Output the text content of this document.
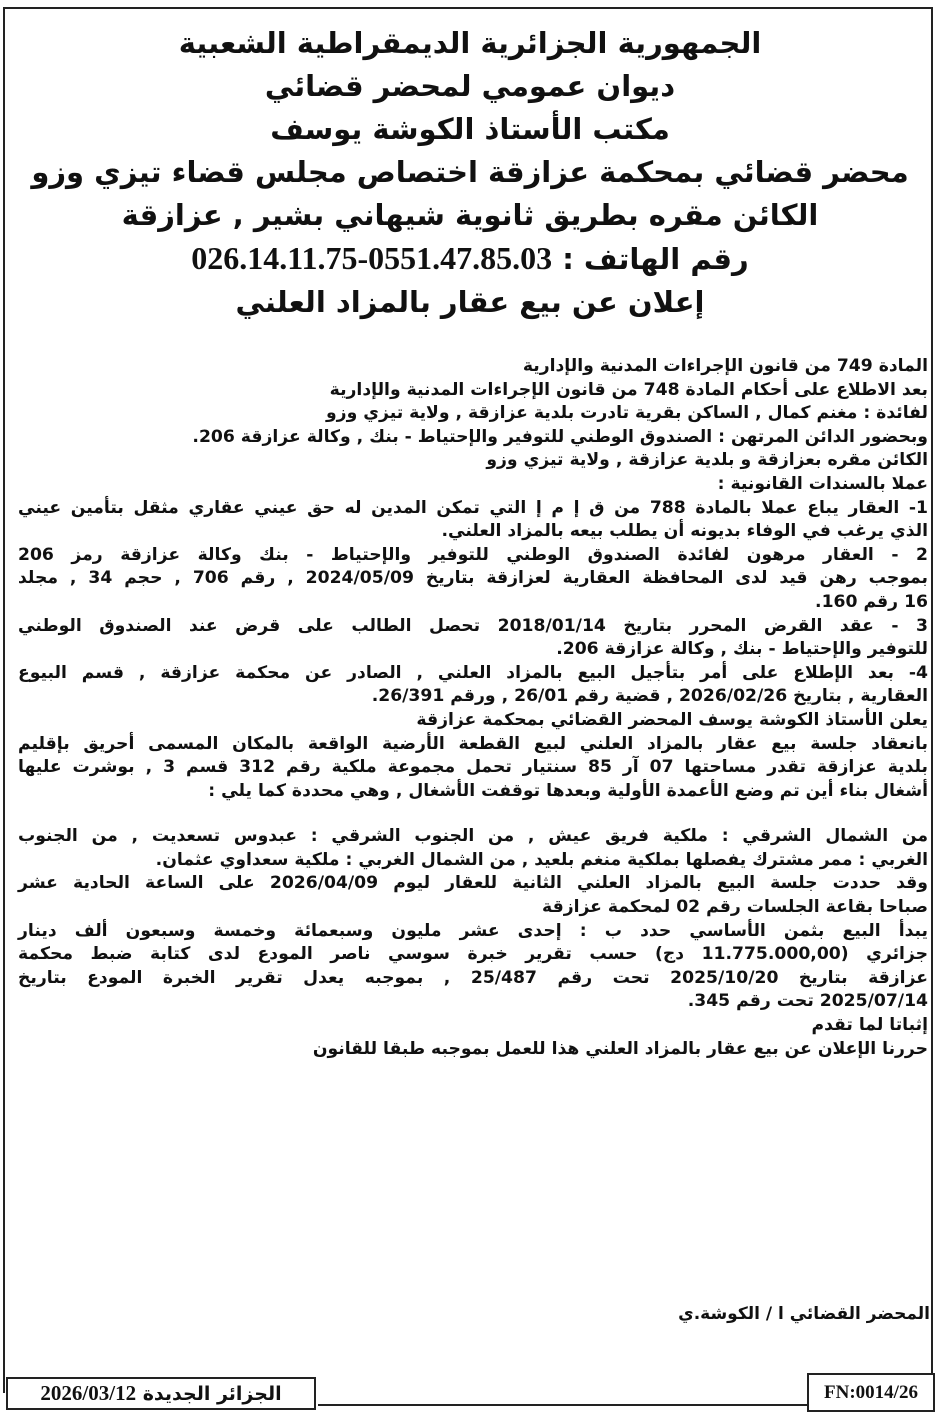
الجمهورية الجزائرية الديمقراطية الشعبية
ديوان عمومي لمحضر قضائي
مكتب الأستاذ الكوشة يوسف
محضر قضائي بمحكمة عزازقة اختصاص مجلس قضاء تيزي وزو
الكائن مقره بطريق ثانوية شيهاني بشير , عزازقة
رقم الهاتف : 0551.47.85.03-026.14.11.75
إعلان عن بيع عقار بالمزاد العلني
المادة 749 من قانون الإجراءات المدنية والإدارية
بعد الاطلاع على أحكام المادة 748 من قانون الإجراءات المدنية والإدارية
لفائدة : مغنم كمال , الساكن بقرية تادرت بلدية عزازقة , ولاية تيزي وزو
وبحضور الدائن المرتهن : الصندوق الوطني للتوفير والإحتياط - بنك , وكالة عزازقة 206.
الكائن مقره بعزازقة و بلدية عزازقة , ولاية تيزي وزو
عملا بالسندات القانونية :
1- العقار يباع عملا بالمادة 788 من ق إ م إ التي تمكن المدين له حق عيني عقاري مثقل بتأمين عيني
الذي يرغب في الوفاء بديونه أن يطلب بيعه بالمزاد العلني.
2 - العقار مرهون لفائدة الصندوق الوطني للتوفير والإحتياط - بنك وكالة عزازقة رمز 206
بموجب رهن قيد لدى المحافظة العقارية لعزازقة بتاريخ 2024/05/09 , رقم 706 , حجم 34 , مجلد
16 رقم 160.
3 - عقد القرض المحرر بتاريخ 2018/01/14 تحصل الطالب على قرض عند الصندوق الوطني
للتوفير والإحتياط - بنك , وكالة عزازقة 206.
4- بعد الإطلاع على أمر بتأجيل البيع بالمزاد العلني , الصادر عن محكمة عزازقة , قسم البيوع
العقارية , بتاريخ 2026/02/26 , قضية رقم 26/01 , ورقم 26/391.
يعلن الأستاذ الكوشة يوسف المحضر القضائي بمحكمة عزازقة
بانعقاد جلسة بيع عقار بالمزاد العلني لبيع القطعة الأرضية الواقعة بالمكان المسمى أحريق بإقليم
بلدية عزازقة تقدر مساحتها 07 آر 85 سنتيار تحمل مجموعة ملكية رقم 312 قسم 3 , بوشرت عليها
أشغال بناء أين تم وضع الأعمدة الأولية وبعدها توقفت الأشغال , وهي محددة كما يلي :
من الشمال الشرقي : ملكية فريق عيش , من الجنوب الشرقي : عبدوس تسعديت , من الجنوب
الغربي : ممر مشترك يفصلها بملكية منغم بلعيد , من الشمال الغربي : ملكية سعداوي عثمان.
وقد حددت جلسة البيع بالمزاد العلني الثانية للعقار ليوم 2026/04/09 على الساعة الحادية عشر
صباحا بقاعة الجلسات رقم 02 لمحكمة عزازقة
يبدأ البيع بثمن الأساسي حدد ب : إحدى عشر مليون وسبعمائة وخمسة وسبعون ألف دينار
جزائري (11.775.000,00 دج) حسب تقرير خبرة سوسي ناصر المودع لدى كتابة ضبط محكمة
عزازقة بتاريخ 2025/10/20 تحت رقم 25/487 , بموجبه يعدل تقرير الخبرة المودع بتاريخ
2025/07/14 تحت رقم 345.
إثباتا لما تقدم
حررنا الإعلان عن بيع عقار بالمزاد العلني هذا للعمل بموجبه طبقا للقانون
المحضر القضائي ا / الكوشة.ي
الجزائر الجديدة 2026/03/12	FN:0014/26
